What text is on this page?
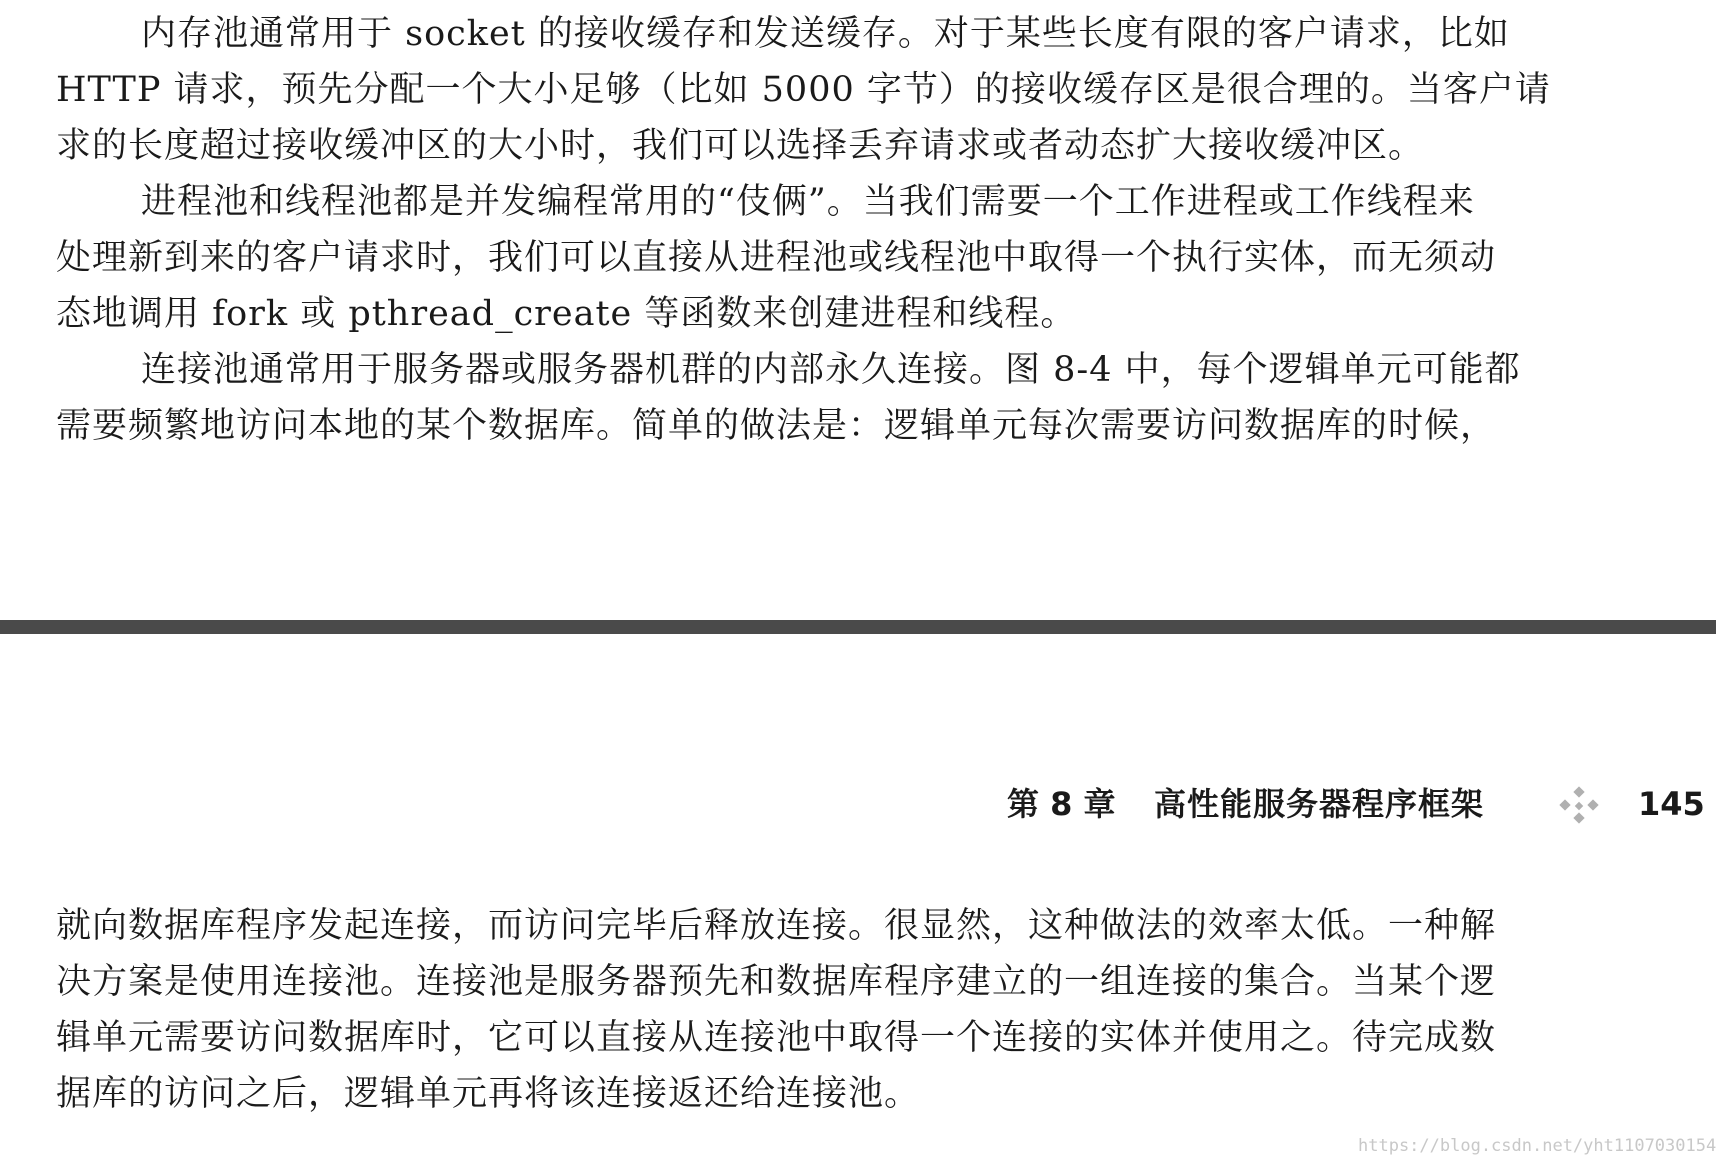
内存池通常用于 socket 的接收缓存和发送缓存。对于某些长度有限的客户请求，比如
HTTP 请求，预先分配一个大小足够（比如 5000 字节）的接收缓存区是很合理的。当客户请
求的长度超过接收缓冲区的大小时，我们可以选择丢弃请求或者动态扩大接收缓冲区。
进程池和线程池都是并发编程常用的“伎俩”。当我们需要一个工作进程或工作线程来
处理新到来的客户请求时，我们可以直接从进程池或线程池中取得一个执行实体，而无须动
态地调用 fork 或 pthread_create 等函数来创建进程和线程。
连接池通常用于服务器或服务器机群的内部永久连接。图 8-4 中，每个逻辑单元可能都
需要频繁地访问本地的某个数据库。简单的做法是：逻辑单元每次需要访问数据库的时候，
第 8 章 高性能服务器程序框架	145
就向数据库程序发起连接，而访问完毕后释放连接。很显然，这种做法的效率太低。一种解
决方案是使用连接池。连接池是服务器预先和数据库程序建立的一组连接的集合。当某个逻
辑单元需要访问数据库时，它可以直接从连接池中取得一个连接的实体并使用之。待完成数
据库的访问之后，逻辑单元再将该连接返还给连接池。
https://blog.csdn.net/yht1107030154
